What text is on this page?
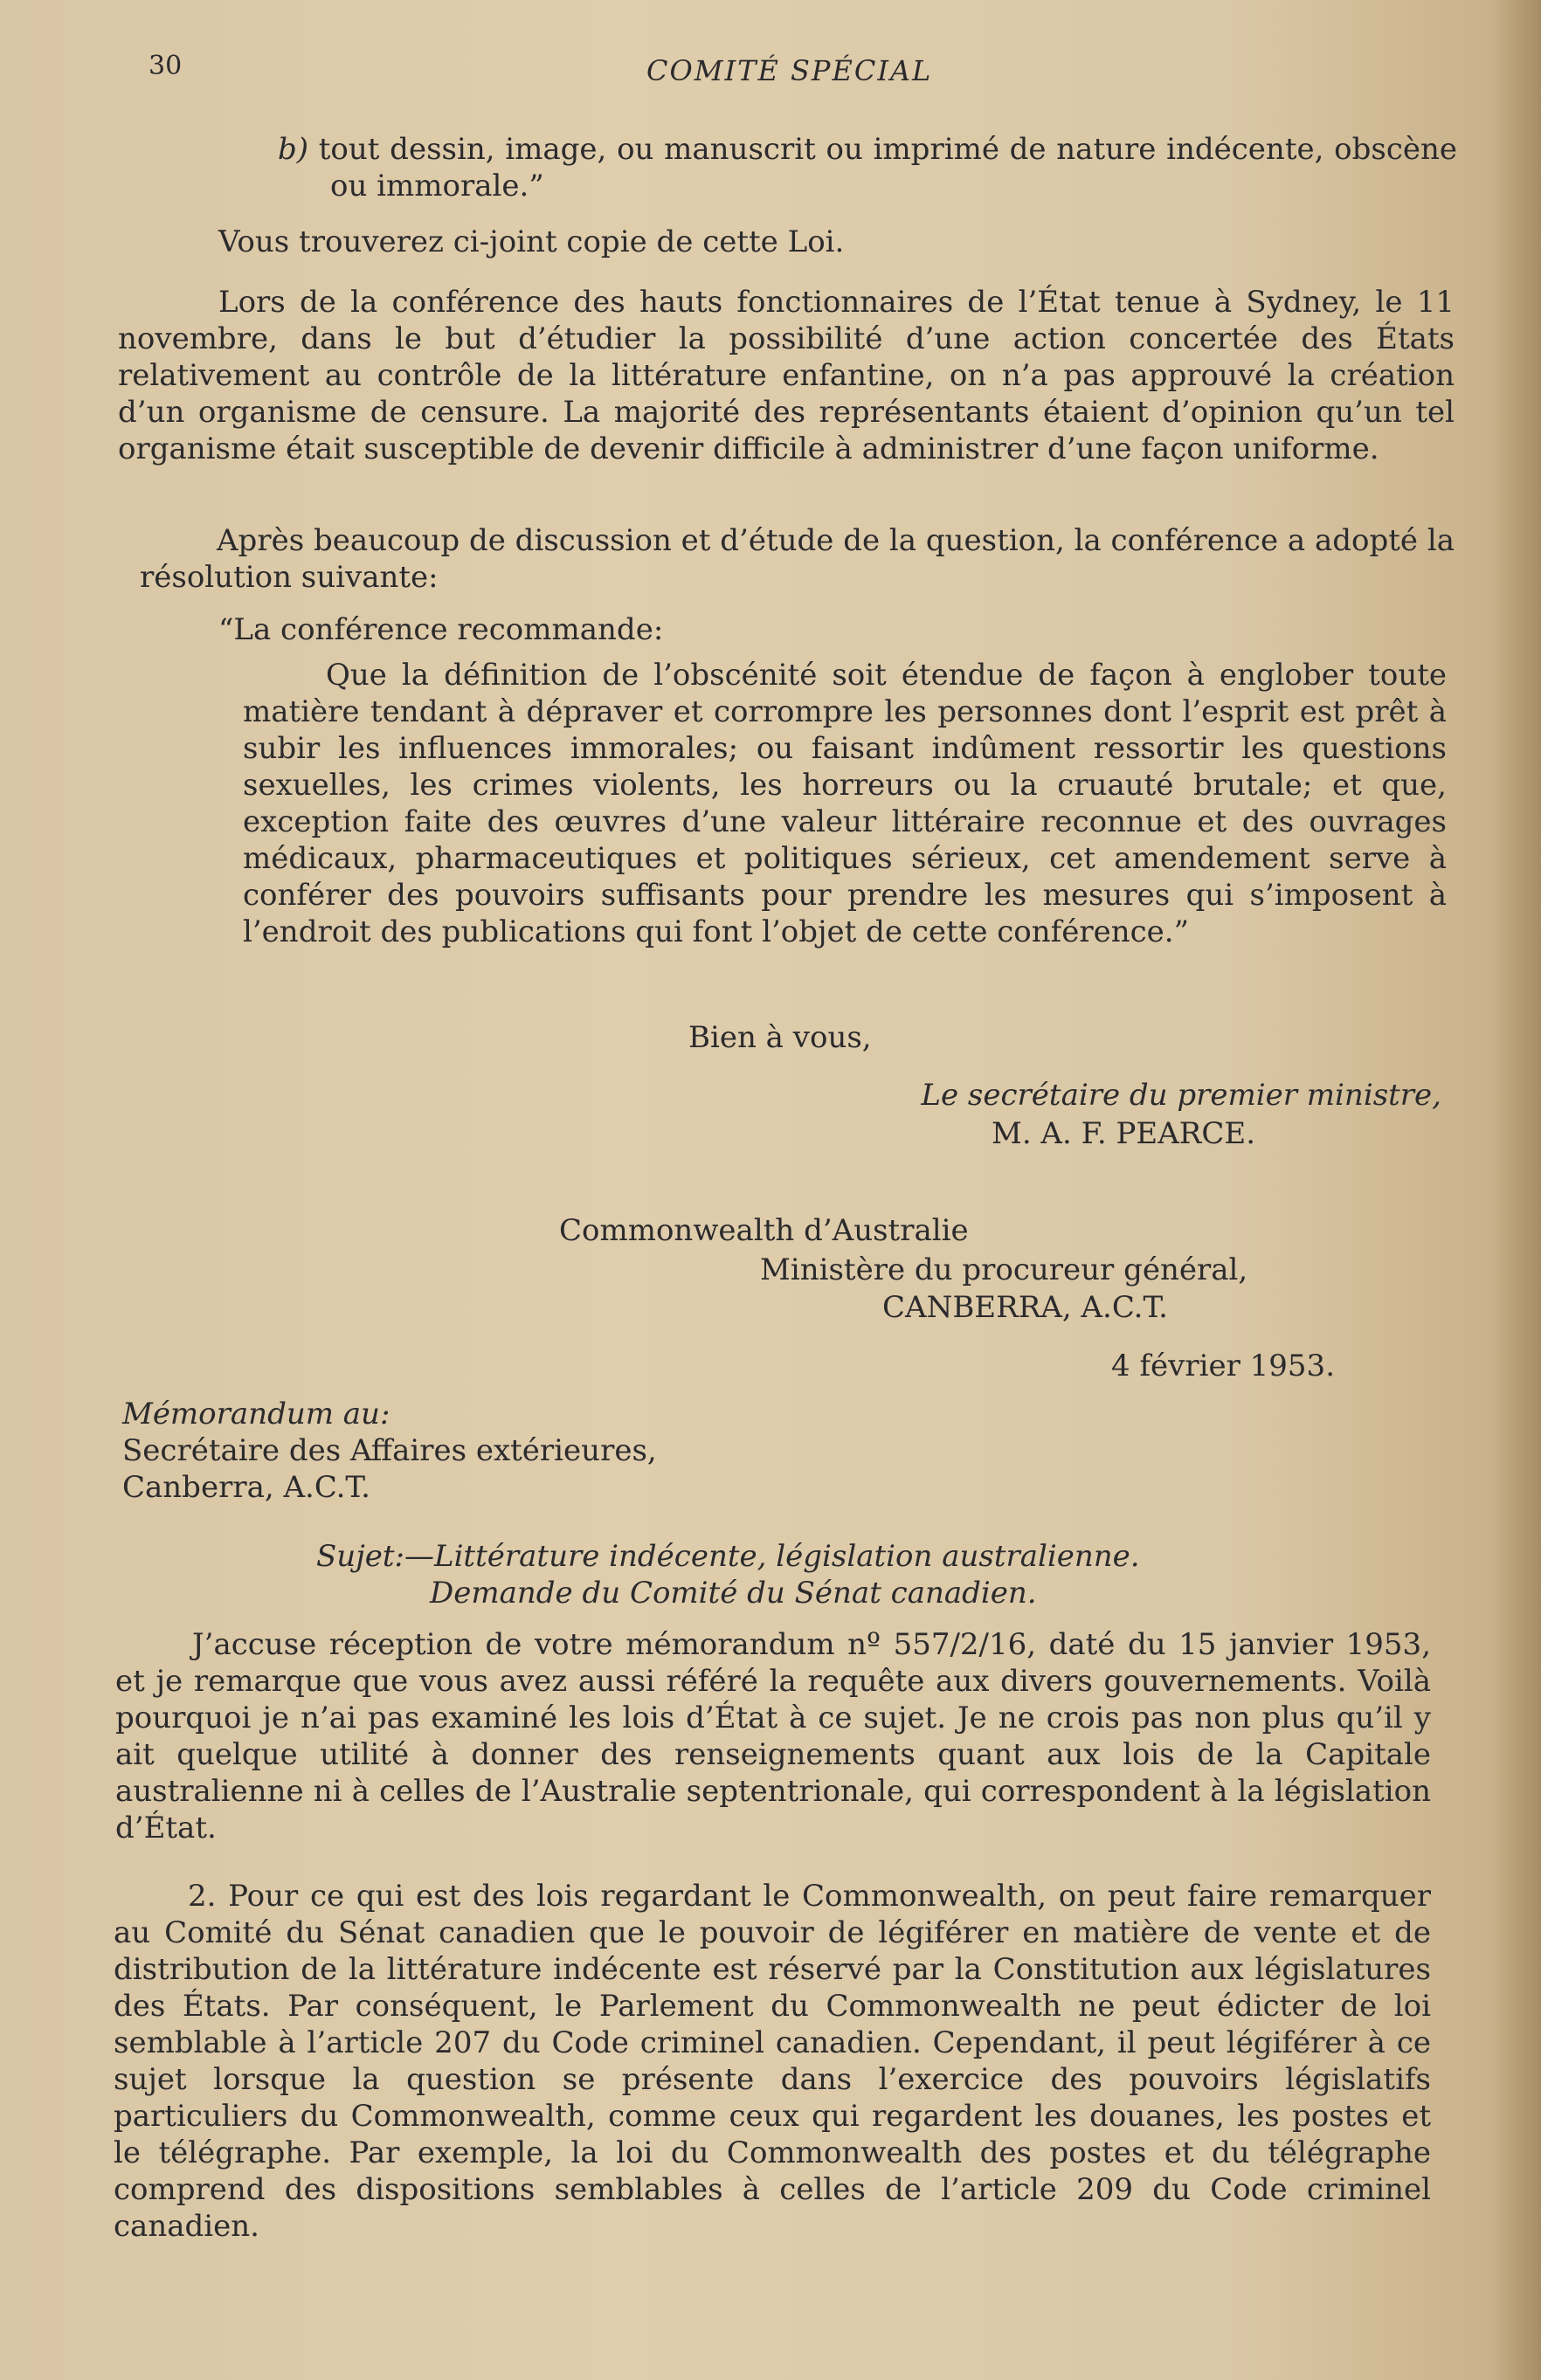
30	COMITÉ SPÉCIAL

b) tout dessin, image, ou manuscrit ou imprimé de nature indécente, obscène ou immorale.”

Vous trouverez ci-joint copie de cette Loi.

Lors de la conférence des hauts fonctionnaires de l’État tenue à Sydney, le 11 novembre, dans le but d’étudier la possibilité d’une action concertée des États relativement au contrôle de la littérature enfantine, on n’a pas approuvé la création d’un organisme de censure. La majorité des représentants étaient d’opinion qu’un tel organisme était susceptible de devenir difficile à administrer d’une façon uniforme.

Après beaucoup de discussion et d’étude de la question, la conférence a adopté la résolution suivante:

“La conférence recommande:

Que la définition de l’obscénité soit étendue de façon à englober toute matière tendant à dépraver et corrompre les personnes dont l’esprit est prêt à subir les influences immorales; ou faisant indûment ressortir les questions sexuelles, les crimes violents, les horreurs ou la cruauté brutale; et que, exception faite des œuvres d’une valeur littéraire reconnue et des ouvrages médicaux, pharmaceutiques et politiques sérieux, cet amendement serve à conférer des pouvoirs suffisants pour prendre les mesures qui s’imposent à l’endroit des publications qui font l’objet de cette conférence.”

Bien à vous,

Le secrétaire du premier ministre,

M. A. F. PEARCE.

Commonwealth d’Australie

Ministère du procureur général,

CANBERRA, A.C.T.

4 février 1953.

Mémorandum au:

Secrétaire des Affaires extérieures,

Canberra, A.C.T.

Sujet:—Littérature indécente, législation australienne.

Demande du Comité du Sénat canadien.

J’accuse réception de votre mémorandum nº 557/2/16, daté du 15 janvier 1953, et je remarque que vous avez aussi référé la requête aux divers gouvernements. Voilà pourquoi je n’ai pas examiné les lois d’État à ce sujet. Je ne crois pas non plus qu’il y ait quelque utilité à donner des renseignements quant aux lois de la Capitale australienne ni à celles de l’Australie septentrionale, qui correspondent à la législation d’État.

2. Pour ce qui est des lois regardant le Commonwealth, on peut faire remarquer au Comité du Sénat canadien que le pouvoir de légiférer en matière de vente et de distribution de la littérature indécente est réservé par la Constitution aux législatures des États. Par conséquent, le Parlement du Commonwealth ne peut édicter de loi semblable à l’article 207 du Code criminel canadien. Cependant, il peut légiférer à ce sujet lorsque la question se présente dans l’exercice des pouvoirs législatifs particuliers du Commonwealth, comme ceux qui regardent les douanes, les postes et le télégraphe. Par exemple, la loi du Commonwealth des postes et du télégraphe comprend des dispositions semblables à celles de l’article 209 du Code criminel canadien.
